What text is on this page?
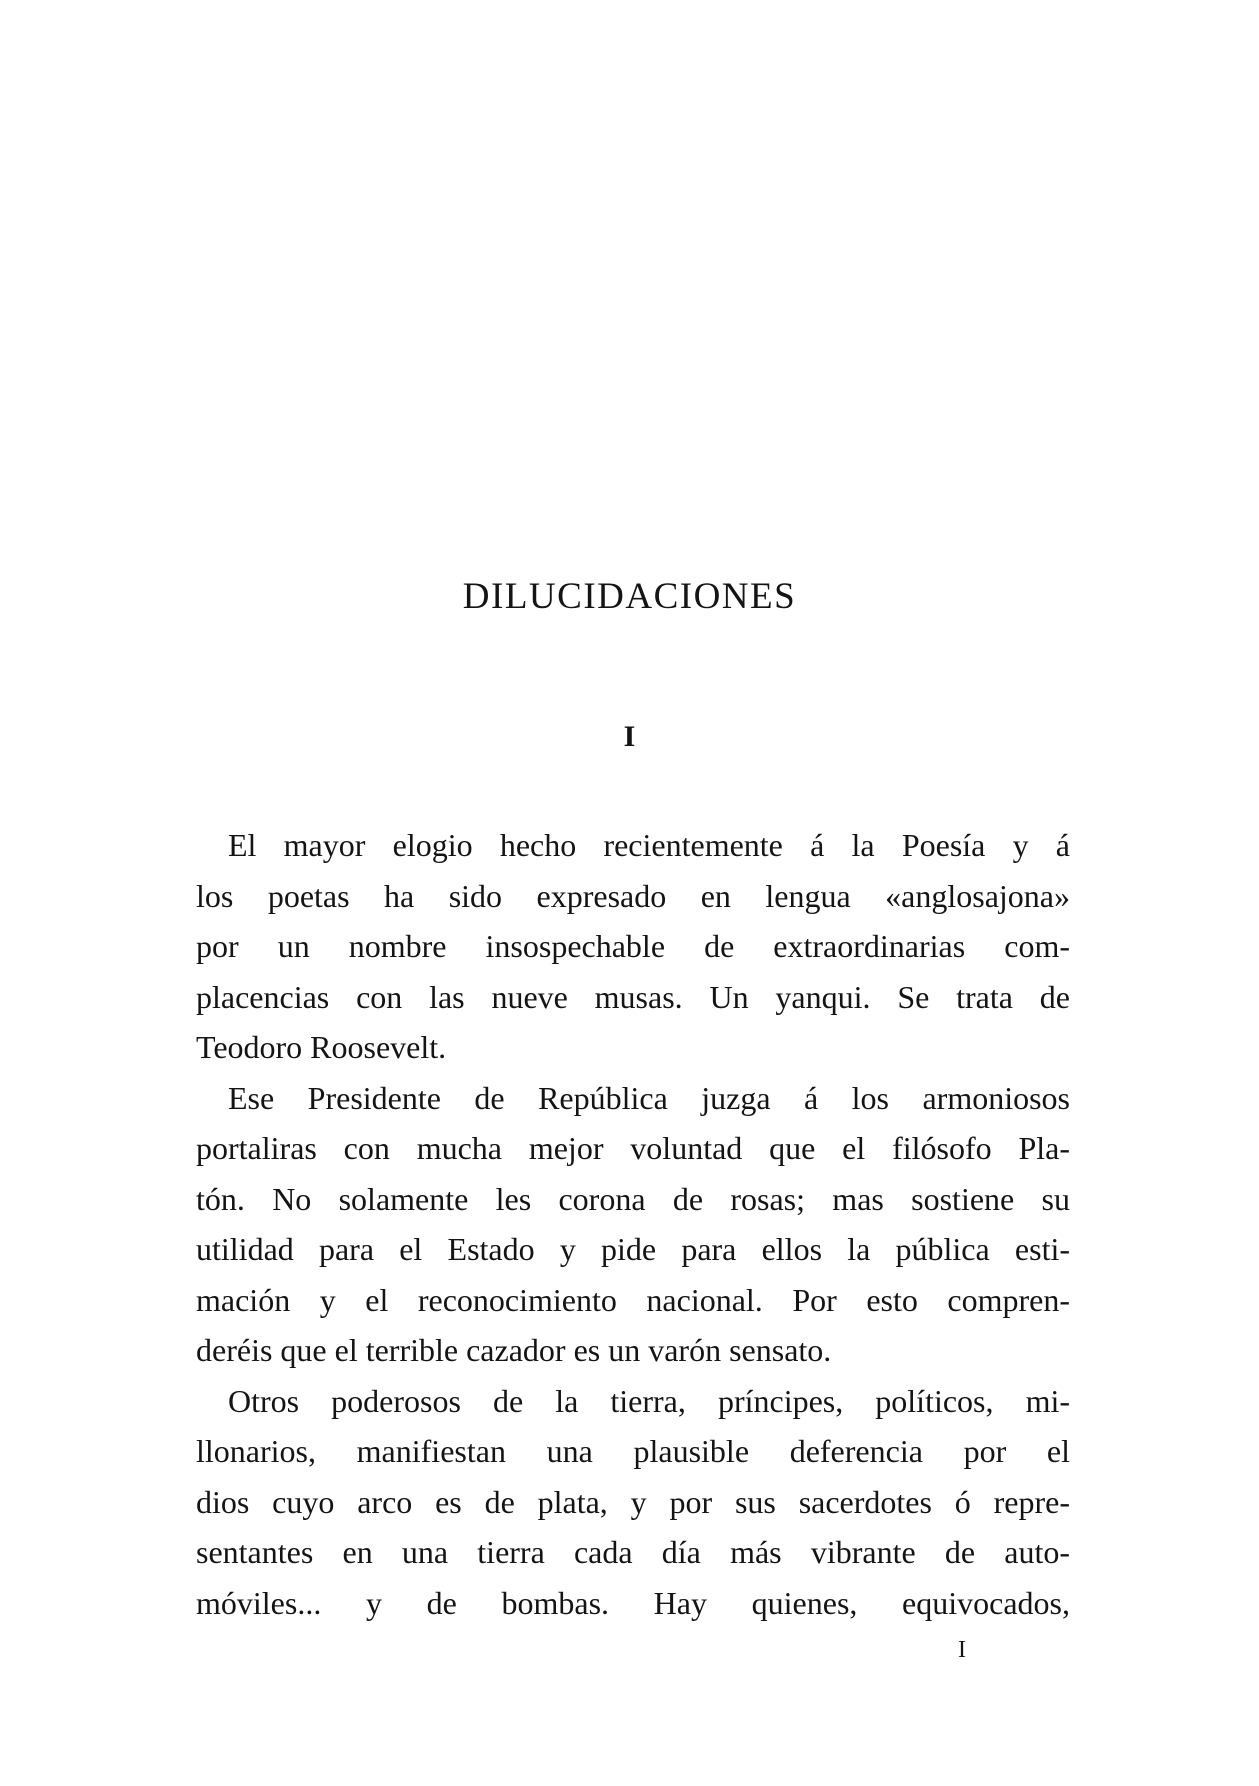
DILUCIDACIONES

I

El mayor elogio hecho recientemente á la Poesía y á
los poetas ha sido expresado en lengua «anglosajona»
por un nombre insospechable de extraordinarias com-
placencias con las nueve musas. Un yanqui. Se trata de
Teodoro Roosevelt.

Ese Presidente de República juzga á los armoniosos
portaliras con mucha mejor voluntad que el filósofo Pla-
tón. No solamente les corona de rosas; mas sostiene su
utilidad para el Estado y pide para ellos la pública esti-
mación y el reconocimiento nacional. Por esto compren-
deréis que el terrible cazador es un varón sensato.

Otros poderosos de la tierra, príncipes, políticos, mi-
llonarios, manifiestan una plausible deferencia por el
dios cuyo arco es de plata, y por sus sacerdotes ó repre-
sentantes en una tierra cada día más vibrante de auto-
móviles... y de bombas. Hay quienes, equivocados,

I
